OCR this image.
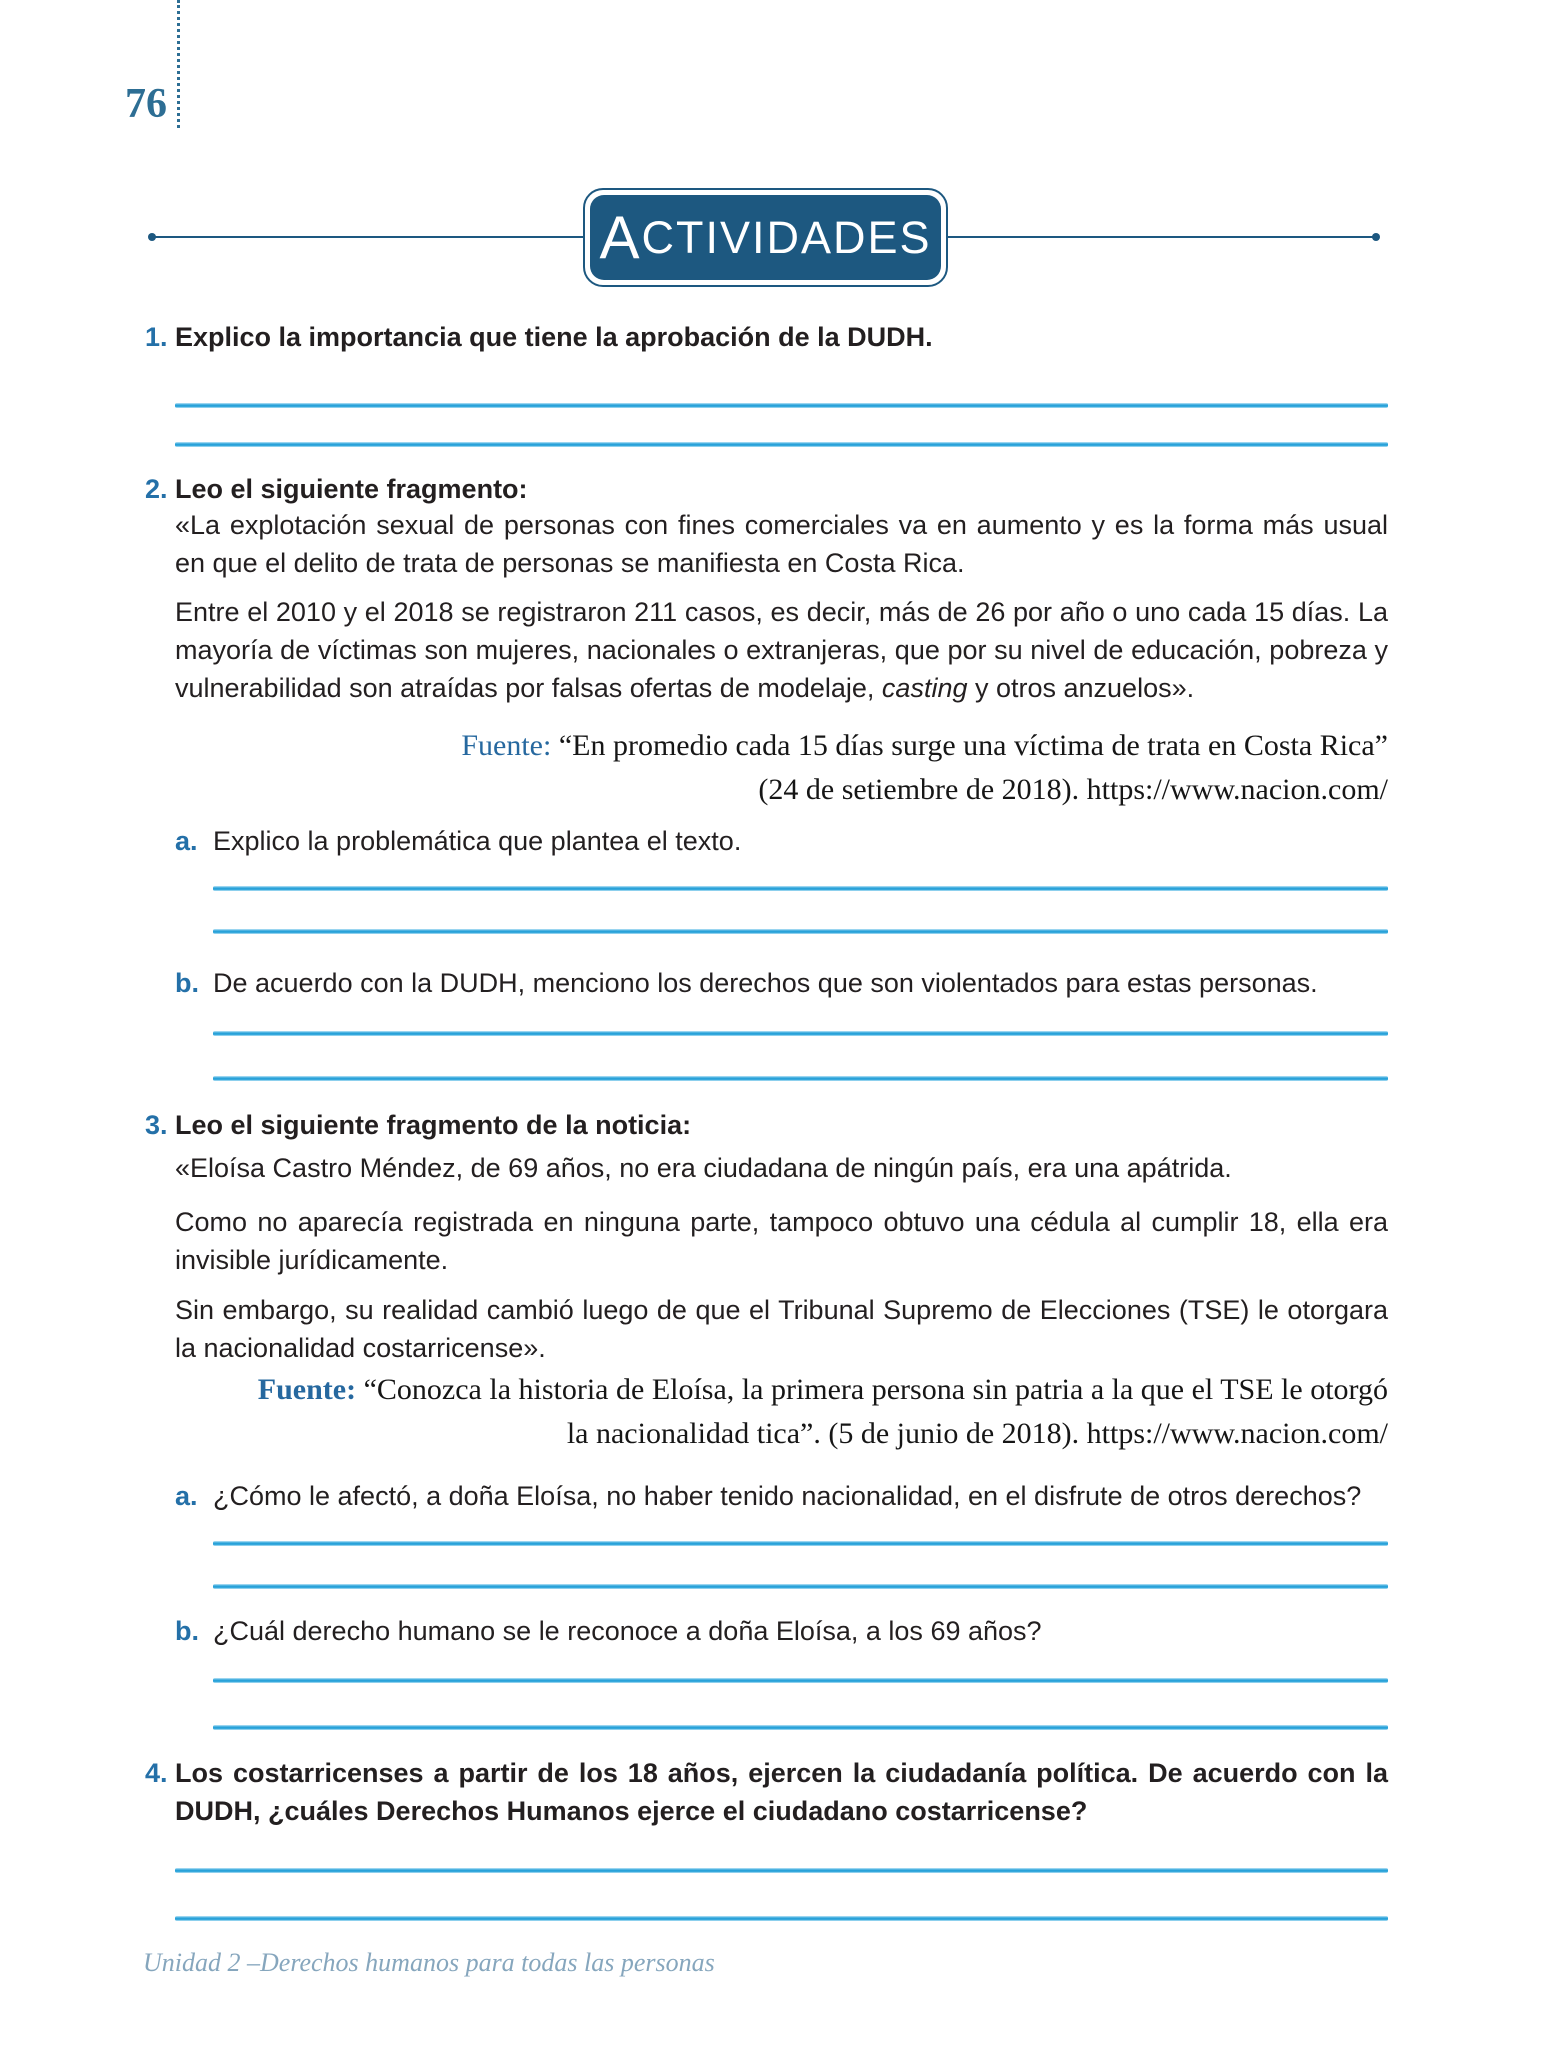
76
A CTIVIDADES
1. Explico la importancia que tiene la aprobación de la DUDH.
2. Leo el siguiente fragmento:
«La explotación sexual de personas con fines comerciales va en aumento y es la forma más usual en que el delito de trata de personas se manifiesta en Costa Rica.
Entre el 2010 y el 2018 se registraron 211 casos, es decir, más de 26 por año o uno cada 15 días. La mayoría de víctimas son mujeres, nacionales o extranjeras, que por su nivel de educación, pobreza y vulnerabilidad son atraídas por falsas ofertas de modelaje, casting y otros anzuelos».
Fuente: “En promedio cada 15 días surge una víctima de trata en Costa Rica”
(24 de setiembre de 2018). https://www.nacion.com/
a. Explico la problemática que plantea el texto.
b. De acuerdo con la DUDH, menciono los derechos que son violentados para estas personas.
3. Leo el siguiente fragmento de la noticia:
«Eloísa Castro Méndez, de 69 años, no era ciudadana de ningún país, era una apátrida.
Como no aparecía registrada en ninguna parte, tampoco obtuvo una cédula al cumplir 18, ella era invisible jurídicamente.
Sin embargo, su realidad cambió luego de que el Tribunal Supremo de Elecciones (TSE) le otorgara la nacionalidad costarricense».
Fuente: “Conozca la historia de Eloísa, la primera persona sin patria a la que el TSE le otorgó
la nacionalidad tica”. (5 de junio de 2018). https://www.nacion.com/
a. ¿Cómo le afectó, a doña Eloísa, no haber tenido nacionalidad, en el disfrute de otros derechos?
b. ¿Cuál derecho humano se le reconoce a doña Eloísa, a los 69 años?
4. Los costarricenses a partir de los 18 años, ejercen la ciudadanía política. De acuerdo con la DUDH, ¿cuáles Derechos Humanos ejerce el ciudadano costarricense?
Unidad 2 –Derechos humanos para todas las personas
